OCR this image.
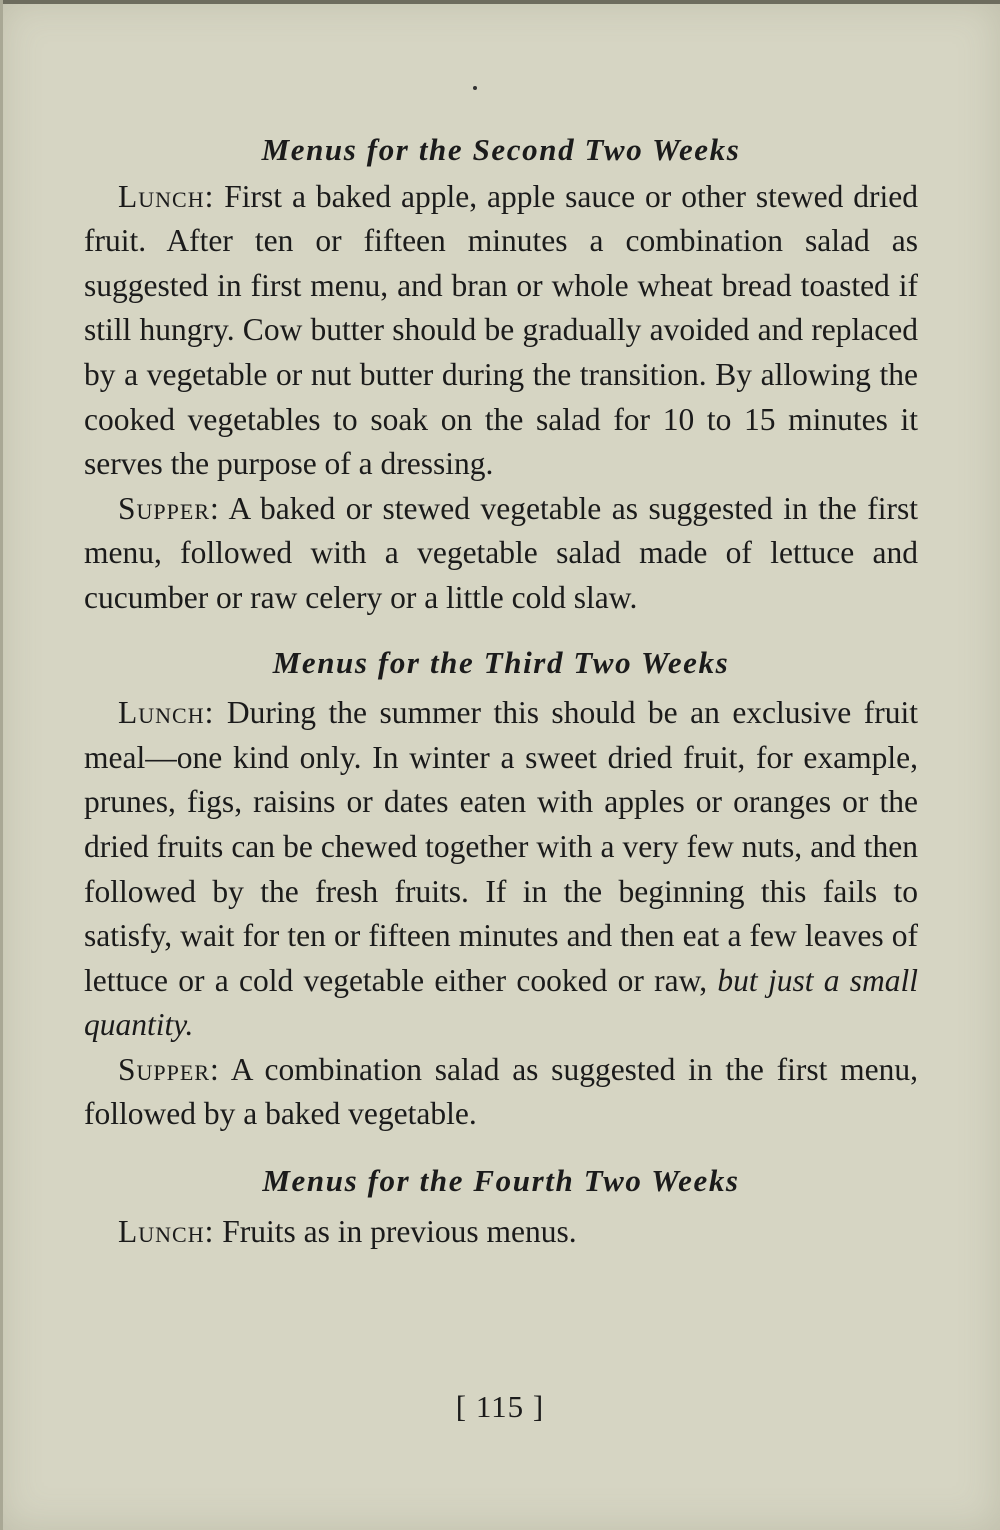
Menus for the Second Two Weeks

Lunch: First a baked apple, apple sauce or other stewed dried fruit. After ten or fifteen minutes a combination salad as suggested in first menu, and bran or whole wheat bread toasted if still hungry. Cow butter should be gradually avoided and replaced by a vegetable or nut butter during the transition. By allowing the cooked vegetables to soak on the salad for 10 to 15 minutes it serves the purpose of a dressing.

Supper: A baked or stewed vegetable as suggested in the first menu, followed with a vegetable salad made of lettuce and cucumber or raw celery or a little cold slaw.

Menus for the Third Two Weeks

Lunch: During the summer this should be an exclusive fruit meal—one kind only. In winter a sweet dried fruit, for example, prunes, figs, raisins or dates eaten with apples or oranges or the dried fruits can be chewed together with a very few nuts, and then followed by the fresh fruits. If in the beginning this fails to satisfy, wait for ten or fifteen minutes and then eat a few leaves of lettuce or a cold vegetable either cooked or raw, but just a small quantity.

Supper: A combination salad as suggested in the first menu, followed by a baked vegetable.

Menus for the Fourth Two Weeks

Lunch: Fruits as in previous menus.

[ 115 ]
